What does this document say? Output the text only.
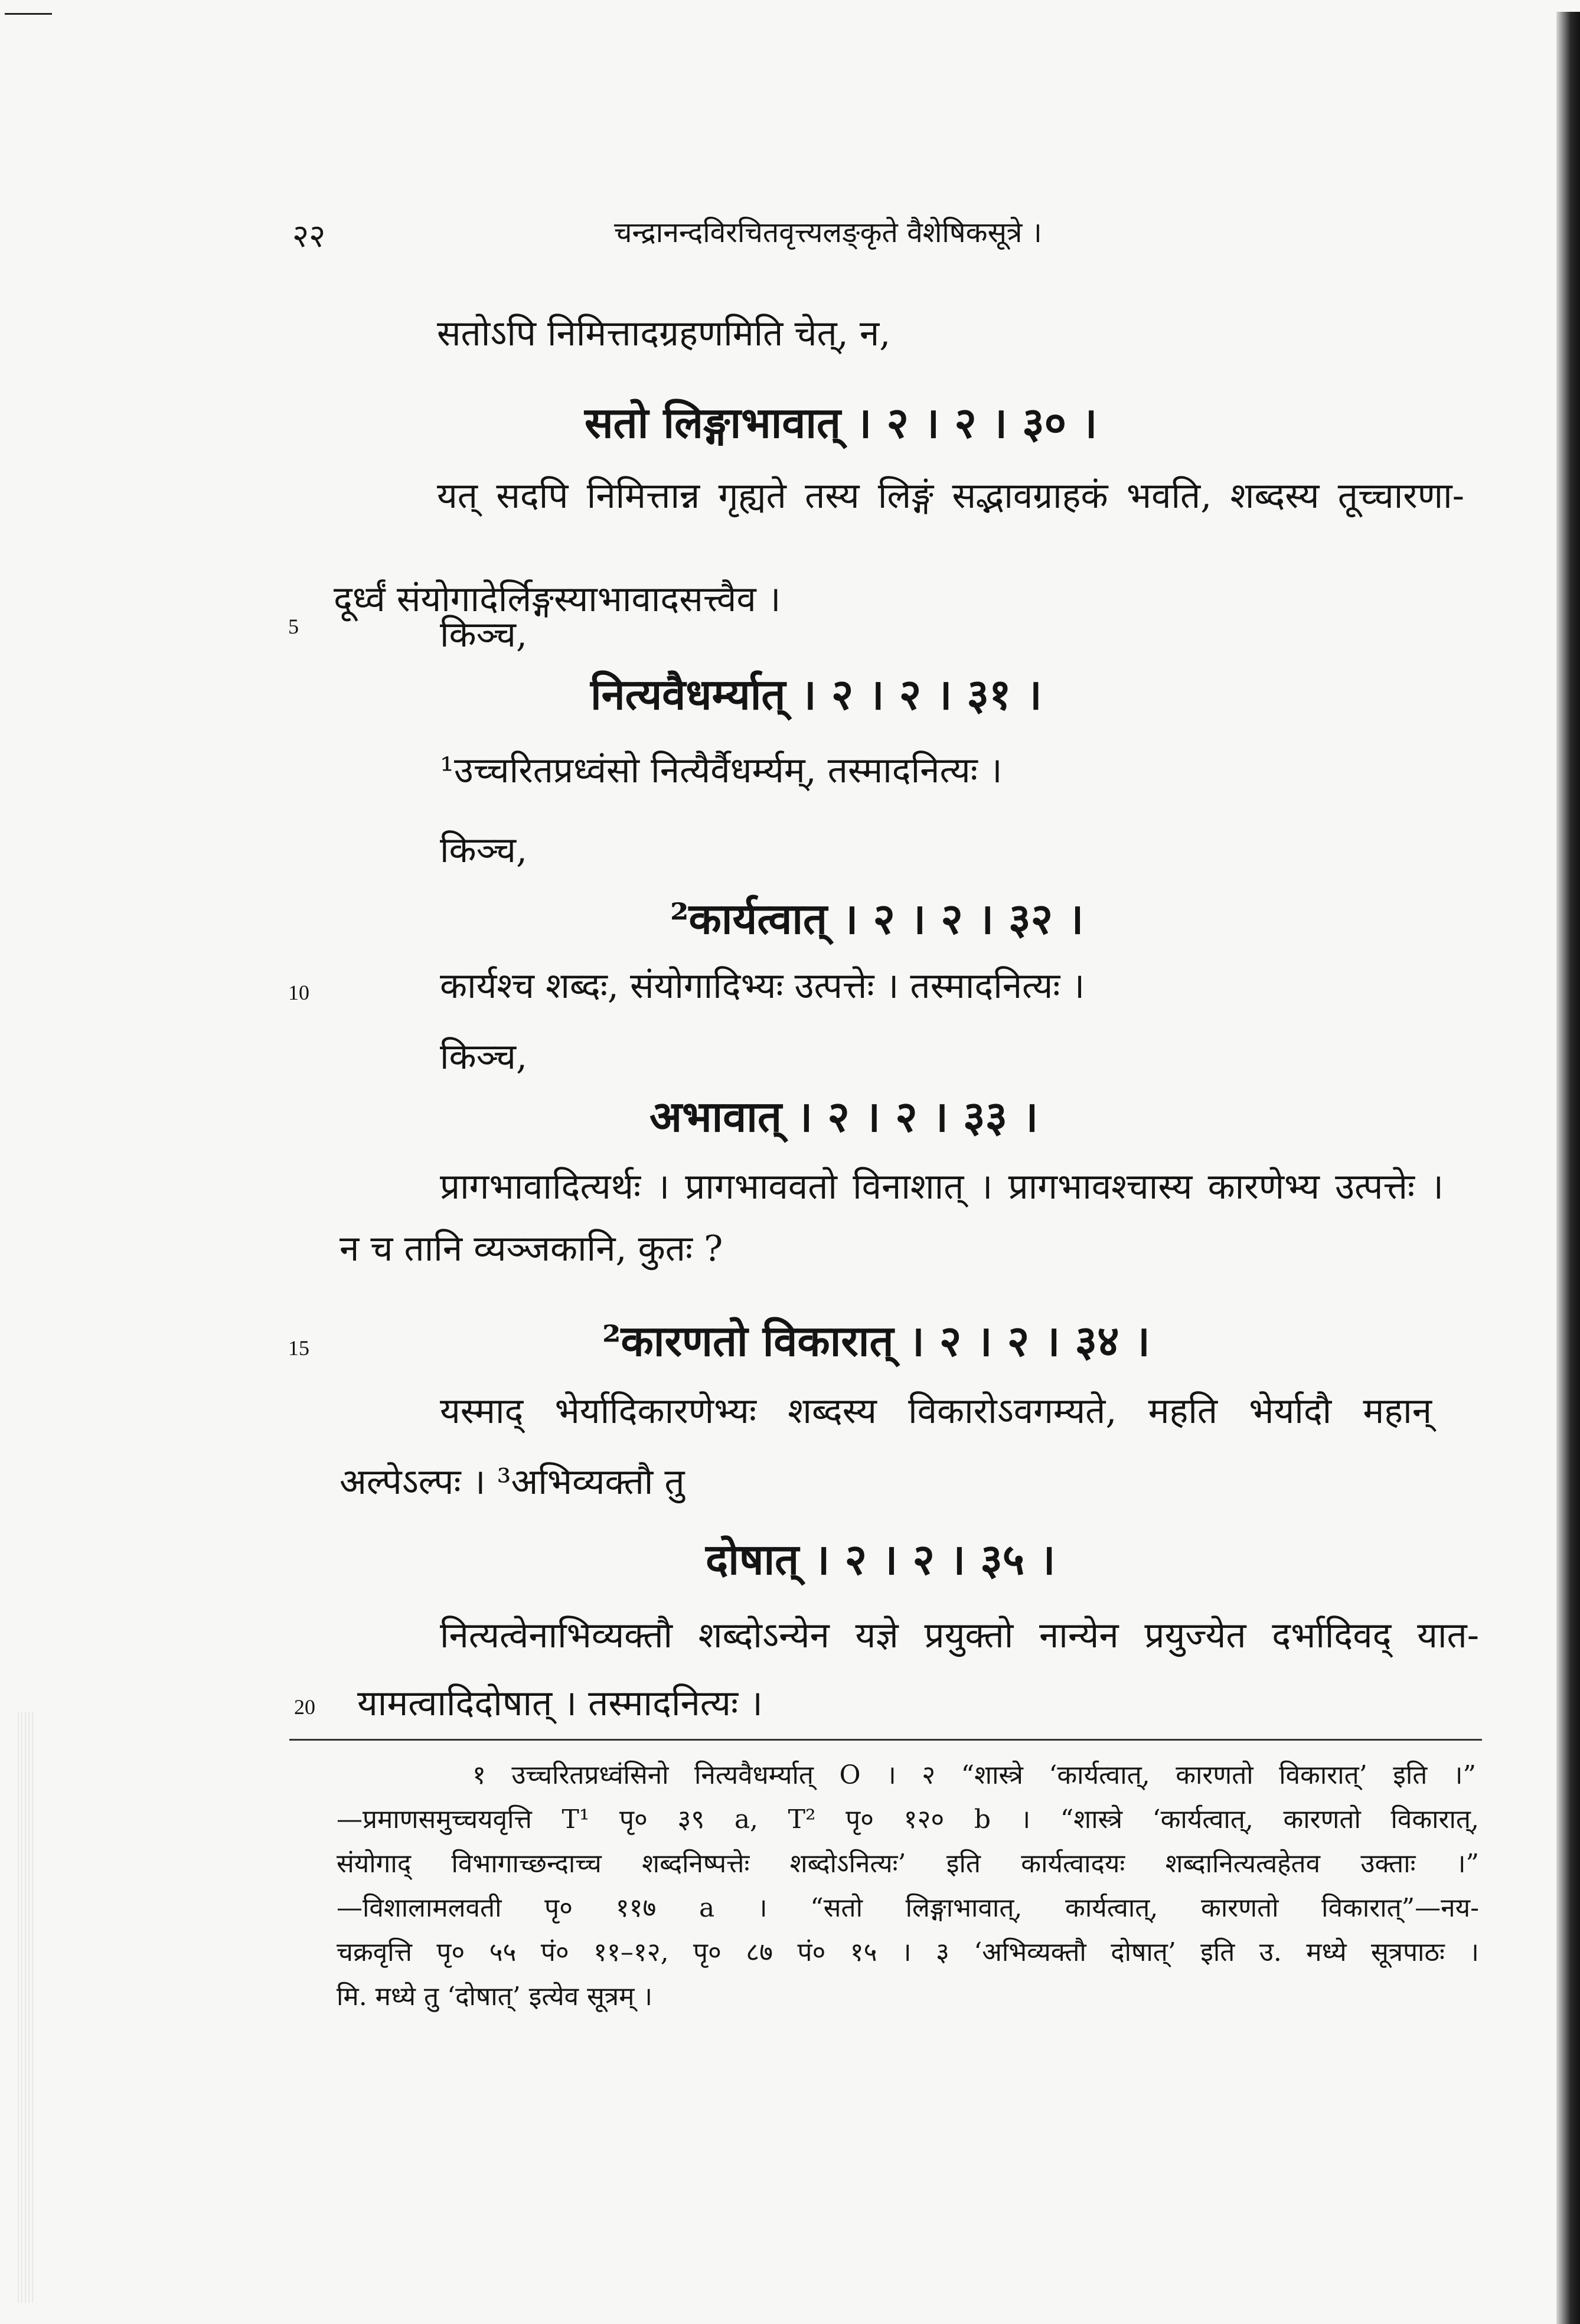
२२	चन्द्रानन्दविरचितवृत्त्यलङ्कृते वैशेषिकसूत्रे ।
सतोऽपि निमित्तादग्रहणमिति चेत्, न,
सतो लिङ्गाभावात् । २ । २ । ३० ।
यत् सदपि निमित्तान्न गृह्यते तस्य लिङ्गं सद्भावग्राहकं भवति, शब्दस्य तूच्चारणा-
दूर्ध्वं संयोगादेर्लिङ्गस्याभावादसत्त्वैव ।
5	किञ्च,
नित्यवैधर्म्यात् । २ । २ । ३१ ।
¹उच्चरितप्रध्वंसो नित्यैर्वैधर्म्यम्, तस्मादनित्यः ।
किञ्च,
²कार्यत्वात् । २ । २ । ३२ ।
10	कार्यश्च शब्दः, संयोगादिभ्यः उत्पत्तेः । तस्मादनित्यः ।
किञ्च,
अभावात् । २ । २ । ३३ ।
प्रागभावादित्यर्थः । प्रागभाववतो विनाशात् । प्रागभावश्चास्य कारणेभ्य उत्पत्तेः ।
न च तानि व्यञ्जकानि, कुतः ?
15	²कारणतो विकारात् । २ । २ । ३४ ।
यस्माद् भेर्यादिकारणेभ्यः शब्दस्य विकारोऽवगम्यते, महति भेर्यादौ महान्
अल्पेऽल्पः । ³अभिव्यक्तौ तु
दोषात् । २ । २ । ३५ ।
नित्यत्वेनाभिव्यक्तौ शब्दोऽन्येन यज्ञे प्रयुक्तो नान्येन प्रयुज्येत दर्भादिवद् यात-
20 यामत्वादिदोषात् । तस्मादनित्यः ।
१ उच्चरितप्रध्वंसिनो नित्यवैधर्म्यात् O । २ “शास्त्रे ‘कार्यत्वात्, कारणतो विकारात्’ इति ।”
—प्रमाणसमुच्चयवृत्ति T¹ पृ० ३९ a, T² पृ० १२० b । “शास्त्रे ‘कार्यत्वात्, कारणतो विकारात्,
संयोगाद् विभागाच्छन्दाच्च शब्दनिष्पत्तेः शब्दोऽनित्यः’ इति कार्यत्वादयः शब्दानित्यत्वहेतव उक्ताः ।”
—विशालामलवती पृ० ११७ a । “सतो लिङ्गाभावात्, कार्यत्वात्, कारणतो विकारात्”—नय-
चक्रवृत्ति पृ० ५५ पं० ११–१२, पृ० ८७ पं० १५ । ३ ‘अभिव्यक्तौ दोषात्’ इति उ. मध्ये सूत्रपाठः ।
मि. मध्ये तु ‘दोषात्’ इत्येव सूत्रम् ।
